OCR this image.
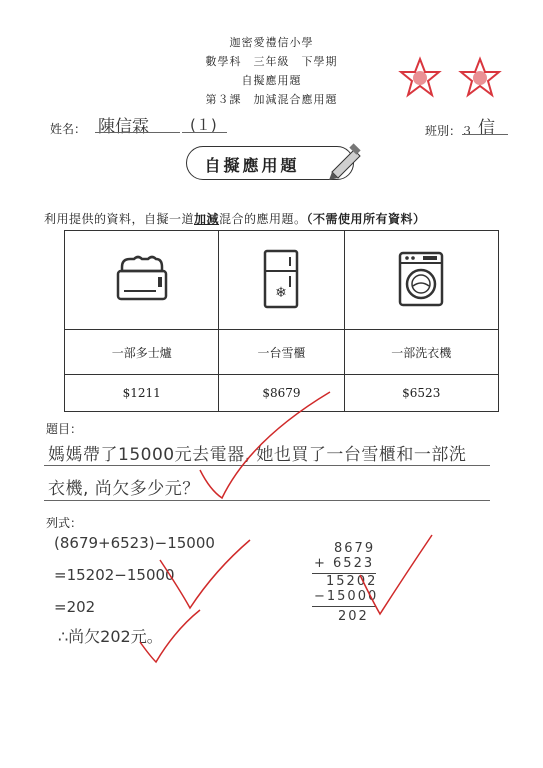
迦密愛禮信小學
數學科　三年級　下學期
自擬應用題
第３課　加減混合應用題
姓名： 陳信霖	(１)	班別：３ 信
自擬應用題
利用提供的資料，自擬一道加減混合的應用題。（不需使用所有資料）

❄

一部多士爐	一台雪櫃	一部洗衣機
$1211	$8679	$6523
題目：
媽媽帶了15000元去電器, 她也買了一台雪櫃和一部洗
衣機, 尚欠多少元？
列式：
(8679+6523)−15000
=15202−15000
=202
∴尚欠202元。
8679
+ 6523
15202
−15000
202
